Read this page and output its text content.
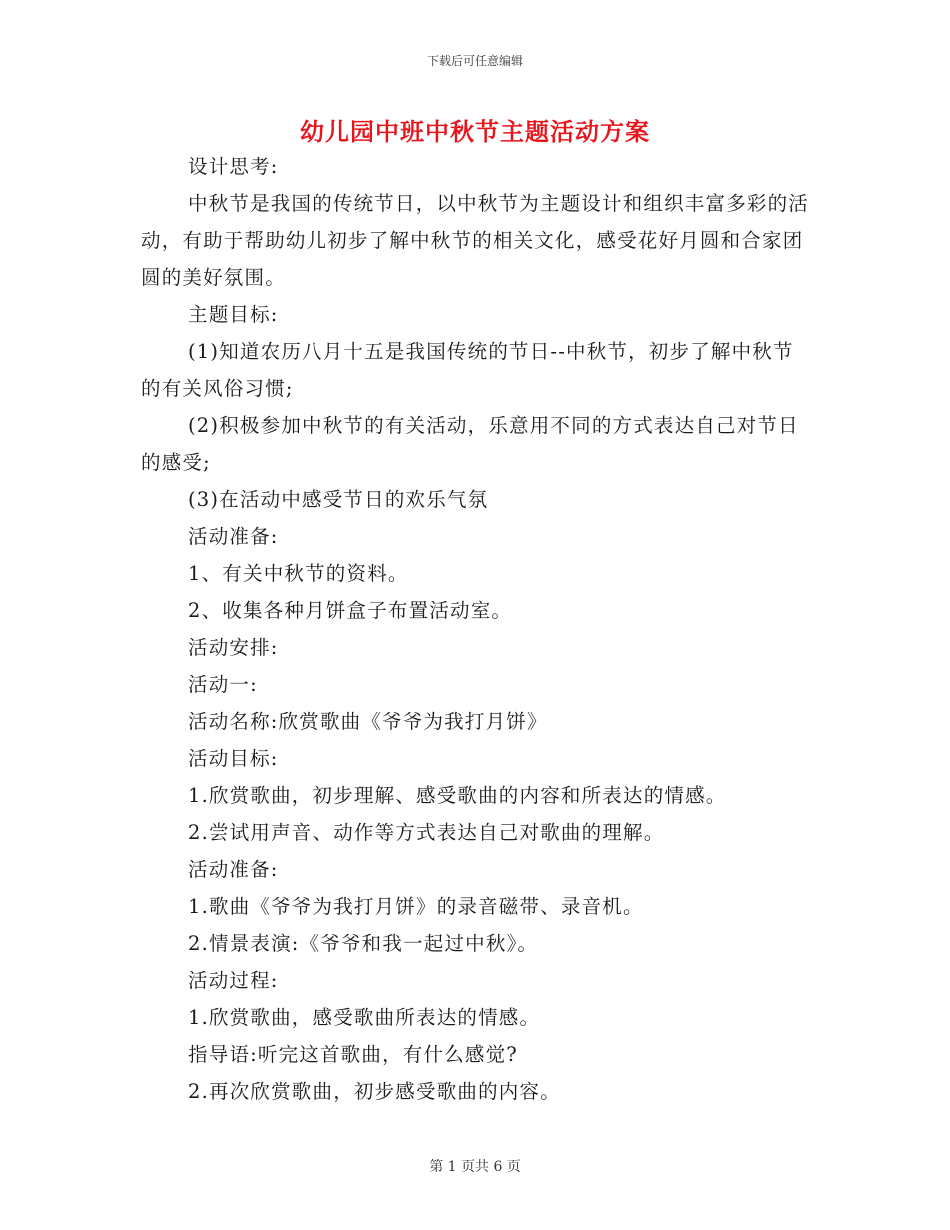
下载后可任意编辑
幼儿园中班中秋节主题活动方案

设计思考:

中秋节是我国的传统节日，以中秋节为主题设计和组织丰富多彩的活动，有助于帮助幼儿初步了解中秋节的相关文化，感受花好月圆和合家团圆的美好氛围。

主题目标:

(1)知道农历八月十五是我国传统的节日--中秋节，初步了解中秋节的有关风俗习惯;

(2)积极参加中秋节的有关活动，乐意用不同的方式表达自己对节日的感受;

(3)在活动中感受节日的欢乐气氛

活动准备:

1、有关中秋节的资料。

2、收集各种月饼盒子布置活动室。

活动安排:

活动一:

活动名称:欣赏歌曲《爷爷为我打月饼》

活动目标:

1.欣赏歌曲，初步理解、感受歌曲的内容和所表达的情感。

2.尝试用声音、动作等方式表达自己对歌曲的理解。

活动准备:

1.歌曲《爷爷为我打月饼》的录音磁带、录音机。

2.情景表演:《爷爷和我一起过中秋》。

活动过程:

1.欣赏歌曲，感受歌曲所表达的情感。

指导语:听完这首歌曲，有什么感觉?

2.再次欣赏歌曲，初步感受歌曲的内容。

第 1 页共 6 页
